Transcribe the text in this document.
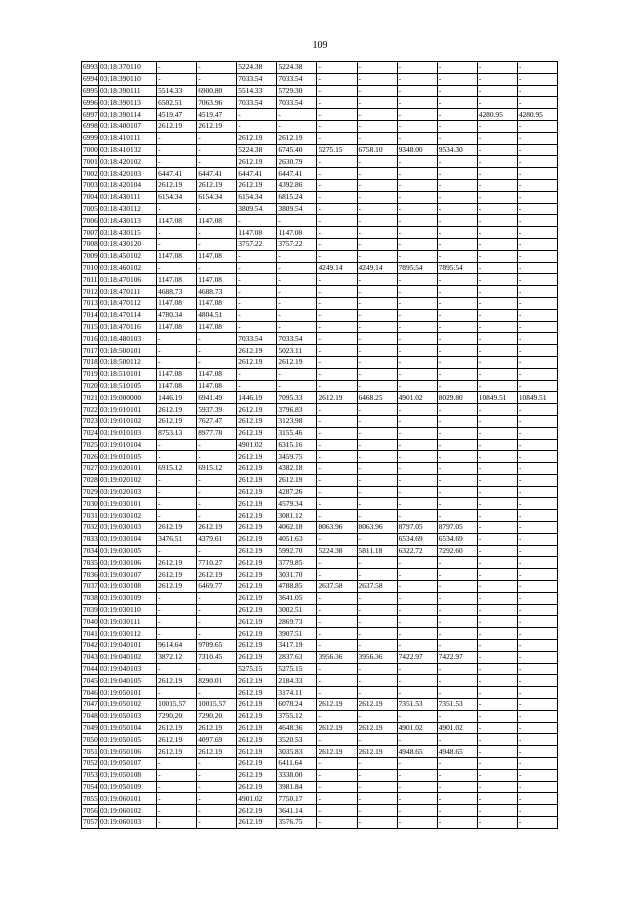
109
6993	03:18:370110	-	-	5224.38	5224.38	-	-	-	-	-	-
6994	03:18:390110	-	-	7033.54	7033.54	-	-	-	-	-	-
6995	03:18:390111	5514.33	6900.80	5514.33	5729.30	-	-	-	-	-	-
6996	03:18:390113	6502.51	7063.96	7033.54	7033.54	-	-	-	-	-	-
6997	03:18:390114	4519.47	4519.47	-	-	-	-	-	-	4280.95	4280.95
6998	03:18:400107	2612.19	2612.19	-	-	-	-	-	-	-	-
6999	03:18:410111	-	-	2612.19	2612.19	-	-	-	-	-	-
7000	03:18:410132	-	-	5224.38	6745.40	5275.15	6758.10	9348.00	9534.30	-	-
7001	03:18:420102	-	-	2612.19	2630.79	-	-	-	-	-	-
7002	03:18:420103	6447.41	6447.41	6447.41	6447.41	-	-	-	-	-	-
7003	03:18:420104	2612.19	2612.19	2612.19	4392.86	-	-	-	-	-	-
7004	03:18:430111	6154.34	6154.34	6154.34	6815.24	-	-	-	-	-	-
7005	03:18:430112	-	-	3809.54	3809.54	-	-	-	-	-	-
7006	03:18:430113	1147.08	1147.08	-	-	-	-	-	-	-	-
7007	03:18:430115	-	-	1147.08	1147.08	-	-	-	-	-	-
7008	03:18:430120	-	-	3757.22	3757.22	-	-	-	-	-	-
7009	03:18:450102	1147.08	1147.08	-	-	-	-	-	-	-	-
7010	03:18:460102	-	-	-	-	4249.14	4249.14	7895.54	7895.54	-	-
7011	03:18:470106	1147.08	1147.08	-	-	-	-	-	-	-	-
7012	03:18:470111	4688.73	4688.73	-	-	-	-	-	-	-	-
7013	03:18:470112	1147.08	1147.08	-	-	-	-	-	-	-	-
7014	03:18:470114	4780.34	4804.51	-	-	-	-	-	-	-	-
7015	03:18:470116	1147.08	1147.08	-	-	-	-	-	-	-	-
7016	03:18:480103	-	-	7033.54	7033.54	-	-	-	-	-	-
7017	03:18:500101	-	-	2612.19	5023.11	-	-	-	-	-	-
7018	03:18:500112	-	-	2612.19	2612.19	-	-	-	-	-	-
7019	03:18:510101	1147.08	1147.08	-	-	-	-	-	-	-	-
7020	03:18:510105	1147.08	1147.08	-	-	-	-	-	-	-	-
7021	03:19:000000	1446.19	6941.49	1446.19	7095.33	2612.19	6468.25	4901.02	8029.80	10849.51	10849.51
7022	03:19:010101	2612.19	5937.39	2612.19	3796.83	-	-	-	-	-	-
7023	03:19:010102	2612.19	7627.47	2612.19	3123.98	-	-	-	-	-	-
7024	03:19:010103	8753.13	8977.78	2612.19	3155.46	-	-	-	-	-	-
7025	03:19:010104	-	-	4901.02	6315.16	-	-	-	-	-	-
7026	03:19:010105	-	-	2612.19	3459.75	-	-	-	-	-	-
7027	03:19:020101	6915.12	6915.12	2612.19	4382.18	-	-	-	-	-	-
7028	03:19:020102	-	-	2612.19	2612.19	-	-	-	-	-	-
7029	03:19:020103	-	-	2612.19	4287.26	-	-	-	-	-	-
7030	03:19:030101	-	-	2612.19	4579.34	-	-	-	-	-	-
7031	03:19:030102	-	-	2612.19	3081.12	-	-	-	-	-	-
7032	03:19:030103	2612.19	2612.19	2612.19	4062.18	8063.96	8063.96	8797.05	8797.05	-	-
7033	03:19:030104	3476.51	4379.61	2612.19	4051.63	-	-	6534.69	6534.69	-	-
7034	03:19:030105	-	-	2612.19	5992.70	5224.38	5811.18	6322.72	7292.60	-	-
7035	03:19:030106	2612.19	7710.27	2612.19	3779.85	-	-	-	-	-	-
7036	03:19:030107	2612.19	2612.19	2612.19	3031.70	-	-	-	-	-	-
7037	03:19:030108	2612.19	6469.77	2612.19	4788.85	2637.58	2637.58	-	-	-	-
7038	03:19:030109	-	-	2612.19	3641.05	-	-	-	-	-	-
7039	03:19:030110	-	-	2612.19	3002.51	-	-	-	-	-	-
7040	03:19:030111	-	-	2612.19	2869.73	-	-	-	-	-	-
7041	03:19:030112	-	-	2612.19	3907.51	-	-	-	-	-	-
7042	03:19:040101	9614.64	9709.65	2612.19	3417.19	-	-	-	-	-	-
7043	03:19:040102	3872.12	7310.45	2612.19	2837.63	3956.36	3956.36	7422.97	7422.97	-	-
7044	03:19:040103	-	-	5275.15	5275.15	-	-	-	-	-	-
7045	03:19:040105	2612.19	8290.01	2612.19	2184.33	-	-	-	-	-	-
7046	03:19:050101	-	-	2612.19	3174.11	-	-	-	-	-	-
7047	03:19:050102	10015.57	10015.57	2612.19	6078.24	2612.19	2612.19	7351.53	7351.53	-	-
7048	03:19:050103	7290.20	7290.20	2612.19	3755.12	-	-	-	-	-	-
7049	03:19:050104	2612.19	2612.19	2612.19	4648.36	2612.19	2612.19	4901.02	4901.02	-	-
7050	03:19:050105	2612.19	4097.69	2612.19	3520.53	-	-	-	-	-	-
7051	03:19:050106	2612.19	2612.19	2612.19	3035.83	2612.19	2612.19	4948.65	4948.65	-	-
7052	03:19:050107	-	-	2612.19	6411.64	-	-	-	-	-	-
7053	03:19:050108	-	-	2612.19	3338.00	-	-	-	-	-	-
7054	03:19:050109	-	-	2612.19	3981.84	-	-	-	-	-	-
7055	03:19:060101	-	-	4901.02	7750.17	-	-	-	-	-	-
7056	03:19:060102	-	-	2612.19	3641.14	-	-	-	-	-	-
7057	03:19:060103	-	-	2612.19	3576.75	-	-	-	-	-	-
